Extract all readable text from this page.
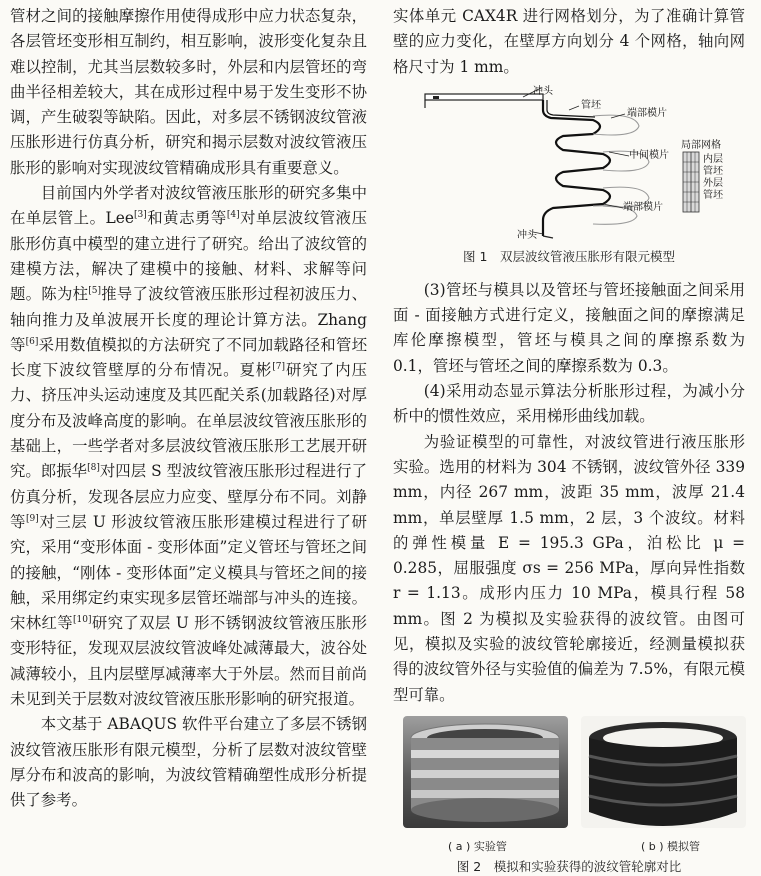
管材之间的接触摩擦作用使得成形中应力状态复杂，各层管坯变形相互制约，相互影响，波形变化复杂且难以控制，尤其当层数较多时，外层和内层管坯的弯曲半径相差较大，其在成形过程中易于发生变形不协调，产生破裂等缺陷。因此，对多层不锈钢波纹管液压胀形进行仿真分析，研究和揭示层数对波纹管液压胀形的影响对实现波纹管精确成形具有重要意义。

目前国内外学者对波纹管液压胀形的研究多集中在单层管上。Lee[3]和黄志勇等[4]对单层波纹管液压胀形仿真中模型的建立进行了研究。给出了波纹管的建模方法，解决了建模中的接触、材料、求解等问题。陈为柱[5]推导了波纹管液压胀形过程初波压力、轴向推力及单波展开长度的理论计算方法。Zhang 等[6]采用数值模拟的方法研究了不同加载路径和管坯长度下波纹管壁厚的分布情况。夏彬[7]研究了内压力、挤压冲头运动速度及其匹配关系(加载路径)对厚度分布及波峰高度的影响。在单层波纹管液压胀形的基础上，一些学者对多层波纹管液压胀形工艺展开研究。郎振华[8]对四层 S 型波纹管液压胀形过程进行了仿真分析，发现各层应力应变、壁厚分布不同。刘静等[9]对三层 U 形波纹管液压胀形建模过程进行了研究，采用“变形体面 - 变形体面”定义管坯与管坯之间的接触，“刚体 - 变形体面”定义模具与管坯之间的接触，采用绑定约束实现多层管坯端部与冲头的连接。宋林红等[10]研究了双层 U 形不锈钢波纹管液压胀形变形特征，发现双层波纹管波峰处减薄最大，波谷处减薄较小，且内层壁厚减薄率大于外层。然而目前尚未见到关于层数对波纹管液压胀形影响的研究报道。

本文基于 ABAQUS 软件平台建立了多层不锈钢波纹管液压胀形有限元模型，分析了层数对波纹管壁厚分布和波高的影响，为波纹管精确塑性成形分析提供了参考。

实体单元 CAX4R 进行网格划分，为了准确计算管壁的应力变化，在壁厚方向划分 4 个网格，轴向网格尺寸为 1 mm。

冲头
管坯
端部模片
中间模片
局部网格
内层
管坯
外层
管坯
端部模片
冲头
图 1　双层波纹管液压胀形有限元模型

(3)管坯与模具以及管坯与管坯接触面之间采用面 - 面接触方式进行定义，接触面之间的摩擦满足库伦摩擦模型，管坯与模具之间的摩擦系数为 0.1，管坯与管坯之间的摩擦系数为 0.3。

(4)采用动态显示算法分析胀形过程，为减小分析中的惯性效应，采用梯形曲线加载。

为验证模型的可靠性，对波纹管进行液压胀形实验。选用的材料为 304 不锈钢，波纹管外径 339 mm，内径 267 mm，波距 35 mm，波厚 21.4 mm，单层壁厚 1.5 mm，2 层，3 个波纹。材料的弹性模量 E = 195.3 GPa，泊松比 μ = 0.285，屈服强度 σs = 256 MPa，厚向异性指数 r = 1.13。成形内压力 10 MPa，模具行程 58 mm。图 2 为模拟及实验获得的波纹管。由图可见，模拟及实验的波纹管轮廓接近，经测量模拟获得的波纹管外径与实验值的偏差为 7.5%，有限元模型可靠。

( a ) 实验管	( b ) 模拟管
图 2　模拟和实验获得的波纹管轮廓对比
